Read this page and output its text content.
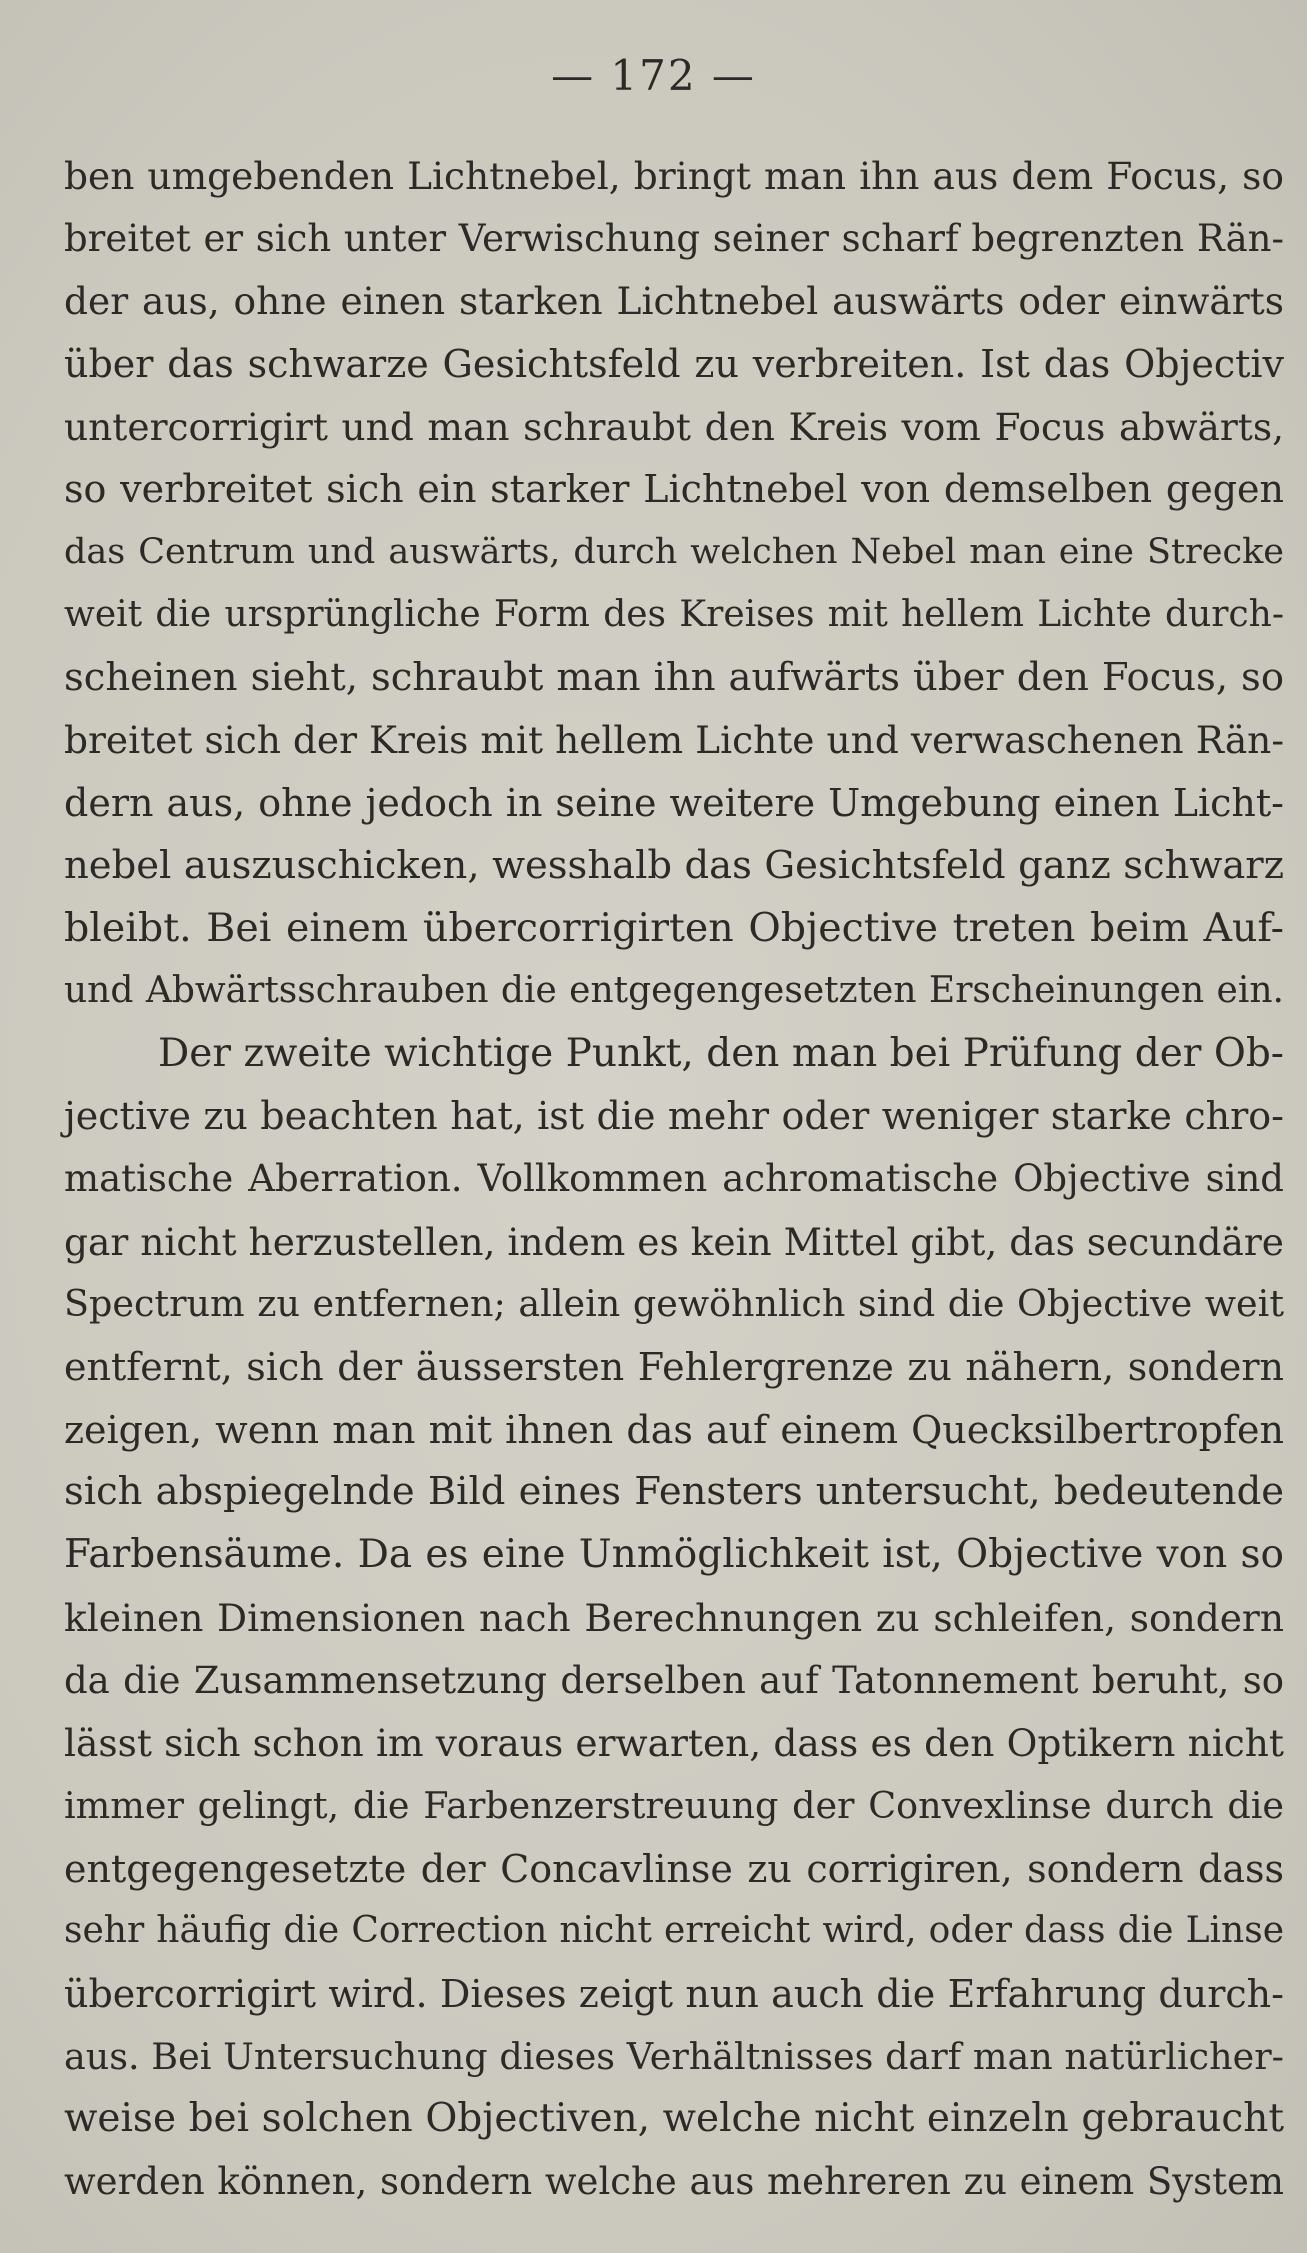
— 172 —
ben umgebenden Lichtnebel, bringt man ihn aus dem Focus, so
breitet er sich unter Verwischung seiner scharf begrenzten Rän-
der aus, ohne einen starken Lichtnebel auswärts oder einwärts
über das schwarze Gesichtsfeld zu verbreiten. Ist das Objectiv
untercorrigirt und man schraubt den Kreis vom Focus abwärts,
so verbreitet sich ein starker Lichtnebel von demselben gegen
das Centrum und auswärts, durch welchen Nebel man eine Strecke
weit die ursprüngliche Form des Kreises mit hellem Lichte durch-
scheinen sieht, schraubt man ihn aufwärts über den Focus, so
breitet sich der Kreis mit hellem Lichte und verwaschenen Rän-
dern aus, ohne jedoch in seine weitere Umgebung einen Licht-
nebel auszuschicken, wesshalb das Gesichtsfeld ganz schwarz
bleibt. Bei einem übercorrigirten Objective treten beim Auf-
und Abwärtsschrauben die entgegengesetzten Erscheinungen ein.
Der zweite wichtige Punkt, den man bei Prüfung der Ob-
jective zu beachten hat, ist die mehr oder weniger starke chro-
matische Aberration. Vollkommen achromatische Objective sind
gar nicht herzustellen, indem es kein Mittel gibt, das secundäre
Spectrum zu entfernen; allein gewöhnlich sind die Objective weit
entfernt, sich der äussersten Fehlergrenze zu nähern, sondern
zeigen, wenn man mit ihnen das auf einem Quecksilbertropfen
sich abspiegelnde Bild eines Fensters untersucht, bedeutende
Farbensäume. Da es eine Unmöglichkeit ist, Objective von so
kleinen Dimensionen nach Berechnungen zu schleifen, sondern
da die Zusammensetzung derselben auf Tatonnement beruht, so
lässt sich schon im voraus erwarten, dass es den Optikern nicht
immer gelingt, die Farbenzerstreuung der Convexlinse durch die
entgegengesetzte der Concavlinse zu corrigiren, sondern dass
sehr häufig die Correction nicht erreicht wird, oder dass die Linse
übercorrigirt wird. Dieses zeigt nun auch die Erfahrung durch-
aus. Bei Untersuchung dieses Verhältnisses darf man natürlicher-
weise bei solchen Objectiven, welche nicht einzeln gebraucht
werden können, sondern welche aus mehreren zu einem System
